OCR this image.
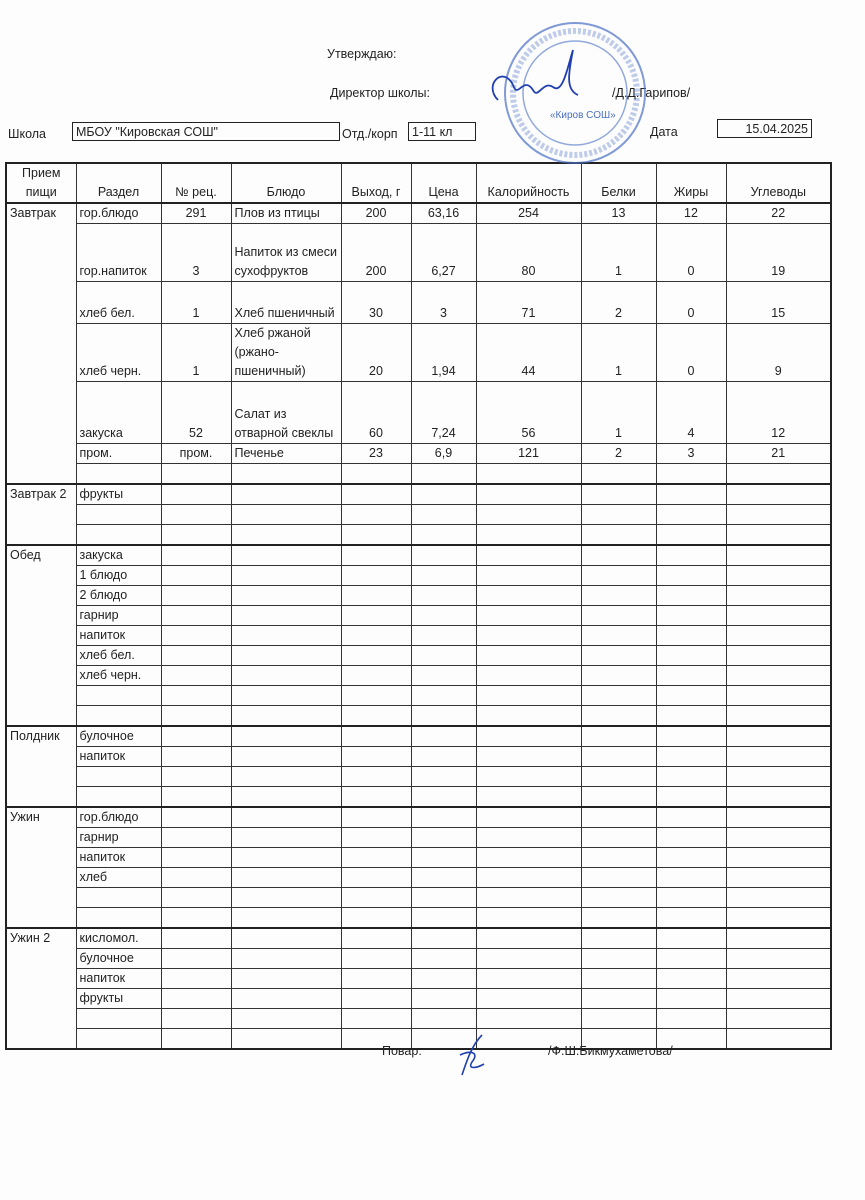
Утверждаю:
Директор школы:	/Д.Д.Гарипов/
Школа	МБОУ "Кировская СОШ"	Отд./корп	1-11 кл	Дата	15.04.2025
Прием пищи	Раздел	№ рец.	Блюдо	Выход, г	Цена	Калорийность	Белки	Жиры	Углеводы
Завтрак	гор.блюдо	291	Плов из птицы	200	63,16	254	13	12	22
	гор.напиток	3	Напиток из смеси сухофруктов	200	6,27	80	1	0	19
	хлеб бел.	1	Хлеб пшеничный	30	3	71	2	0	15
	хлеб черн.	1	Хлеб ржаной (ржано-пшеничный)	20	1,94	44	1	0	9
	закуска	52	Салат из отварной свеклы	60	7,24	56	1	4	12
	пром.	пром.	Печенье	23	6,9	121	2	3	21

Завтрак 2	фрукты								

Обед	закуска								
	1 блюдо								
	2 блюдо								
	гарнир								
	напиток								
	хлеб бел.								
	хлеб черн.								

Полдник	булочное								
	напиток								

Ужин	гор.блюдо								
	гарнир								
	напиток								
	хлеб								

Ужин 2	кисломол.								
	булочное								
	напиток								
	фрукты								

Повар:	/Ф.Ш.Бикмухаметова/
«Киров СОШ»
